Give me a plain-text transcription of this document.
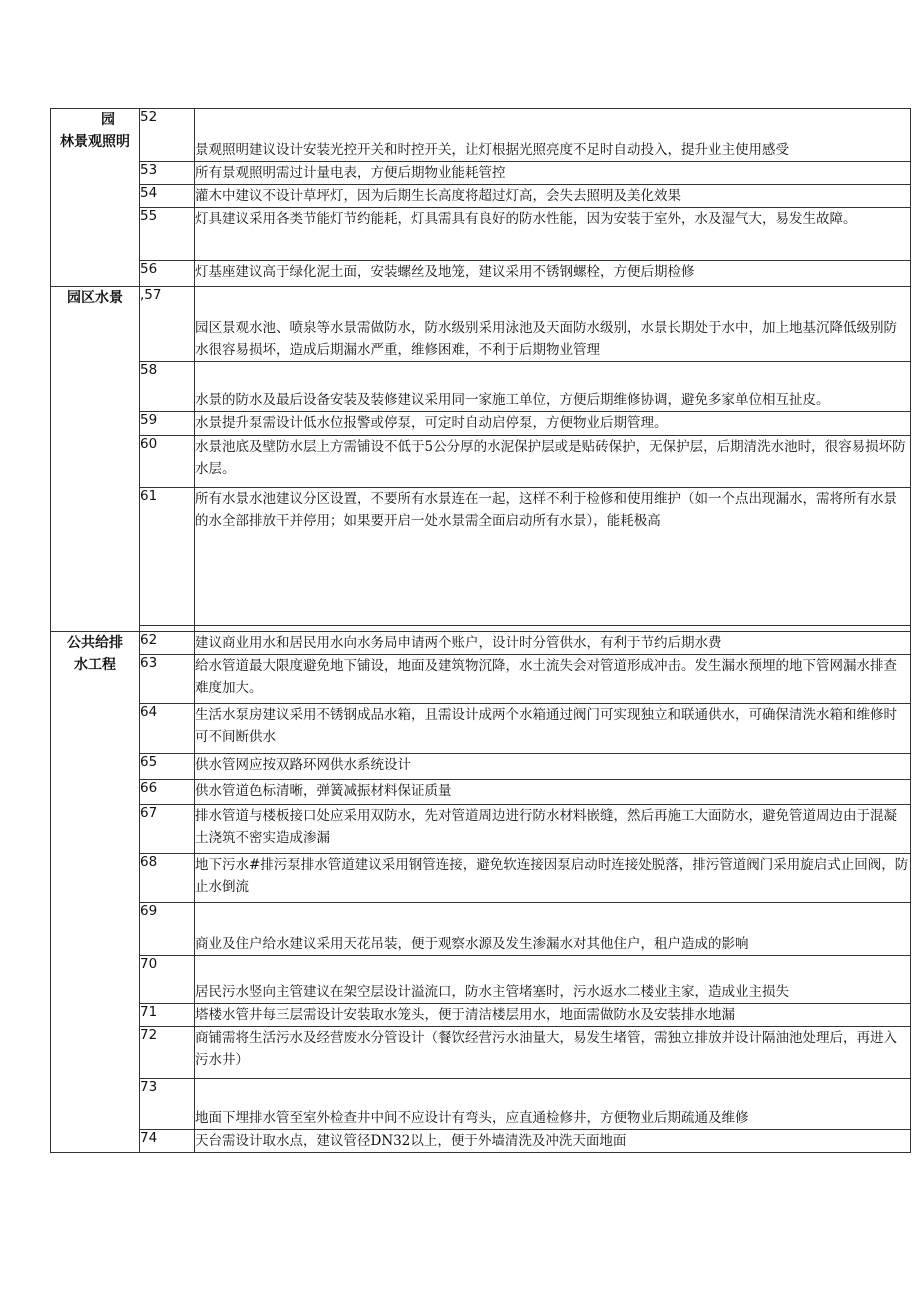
园
林景观照明	52	景观照明建议设计安装光控开关和时控开关，让灯根据光照亮度不足时自动投入，提升业主使用感受
	53	所有景观照明需过计量电表，方便后期物业能耗管控
	54	灌木中建议不设计草坪灯，因为后期生长高度将超过灯高，会失去照明及美化效果
	55	灯具建议采用各类节能灯节约能耗，灯具需具有良好的防水性能，因为安装于室外，水及湿气大，易发生故障。
	56	灯基座建议高于绿化泥土面，安装螺丝及地笼，建议采用不锈钢螺栓，方便后期检修

园区水景	,57	园区景观水池、喷泉等水景需做防水，防水级别采用泳池及天面防水级别，水景长期处于水中，加上地基沉降低级别防水很容易损坏，造成后期漏水严重，维修困难，不利于后期物业管理
	58	水景的防水及最后设备安装及装修建议采用同一家施工单位，方便后期维修协调，避免多家单位相互扯皮。
	59	水景提升泵需设计低水位报警或停泵，可定时自动启停泵，方便物业后期管理。
	60	水景池底及壁防水层上方需铺设不低于5公分厚的水泥保护层或是贴砖保护，无保护层，后期清洗水池时，很容易损坏防水层。
	61	所有水景水池建议分区设置，不要所有水景连在一起，这样不利于检修和使用维护（如一个点出现漏水，需将所有水景的水全部排放干并停用；如果要开启一处水景需全面启动所有水景），能耗极高

公共给排
水工程	62	建议商业用水和居民用水向水务局申请两个账户，设计时分管供水，有利于节约后期水费
	63	给水管道最大限度避免地下铺设，地面及建筑物沉降，水土流失会对管道形成冲击。发生漏水预埋的地下管网漏水排查难度加大。
	64	生活水泵房建议采用不锈钢成品水箱，且需设计成两个水箱通过阀门可实现独立和联通供水，可确保清洗水箱和维修时可不间断供水
	65	供水管网应按双路环网供水系统设计
	66	供水管道色标清晰，弹簧减振材料保证质量
	67	排水管道与楼板接口处应采用双防水，先对管道周边进行防水材料嵌缝，然后再施工大面防水，避免管道周边由于混凝土浇筑不密实造成渗漏
	68	地下污水#排污泵排水管道建议采用钢管连接，避免软连接因泵启动时连接处脱落，排污管道阀门采用旋启式止回阀，防止水倒流
	69	商业及住户给水建议采用天花吊装，便于观察水源及发生渗漏水对其他住户，租户造成的影响
	70	居民污水竖向主管建议在架空层设计溢流口，防水主管堵塞时，污水返水二楼业主家，造成业主损失
	71	塔楼水管井每三层需设计安装取水笼头，便于清洁楼层用水，地面需做防水及安装排水地漏
	72	商铺需将生活污水及经营废水分管设计（餐饮经营污水油量大，易发生堵管，需独立排放并设计隔油池处理后，再进入污水井）
	73	地面下埋排水管至室外检查井中间不应设计有弯头，应直通检修井，方便物业后期疏通及维修
	74	天台需设计取水点，建议管径DN32以上，便于外墙清洗及冲洗天面地面
